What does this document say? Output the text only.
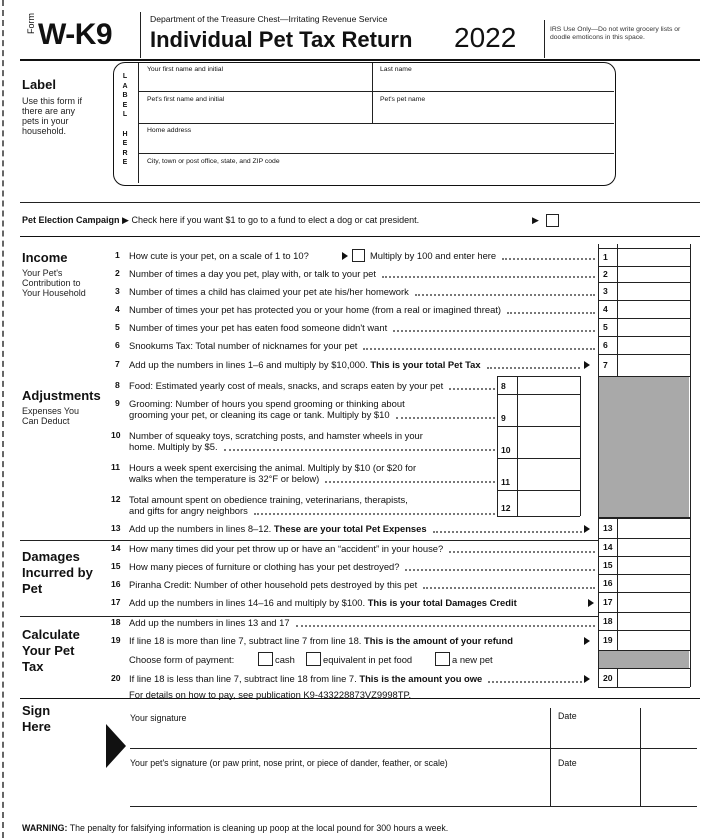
Form W-K9	Department of the Treasure Chest—Irritating Revenue Service
Individual Pet Tax Return 2022	IRS Use Only—Do not write grocery lists or doodle emoticons in this space.
Label
Use this form if there are any pets in your household.
L
A
B
E
L

H
E
R
E
Your first name and initial	Last name
Pet's first name and initial	Pet's pet name
Home address
City, town or post office, state, and ZIP code
Pet Election Campaign ▶ Check here if you want $1 to go to a fund to elect a dog or cat president.	▶
Income
Your Pet's Contribution to Your Household
Adjustments
Expenses You Can Deduct
Damages Incurred by Pet
Calculate Your Pet Tax
Sign Here
Your signature
Your pet's signature (or paw print, nose print, or piece of dander, feather, or scale)
Date
Date
WARNING: The penalty for falsifying information is cleaning up poop at the local pound for 300 hours a week.
1
2
3
4
5
6
7
13
14
15
16
17
18
19
20
8
9
10
11
12
1 How cute is your pet, on a scale of 1 to 10?	Multiply by 100 and enter here
2 Number of times a day you pet, play with, or talk to your pet
3 Number of times a child has claimed your pet ate his/her homework
4 Number of times your pet has protected you or your home (from a real or imagined threat)
5 Number of times your pet has eaten food someone didn't want
6 Snookums Tax: Total number of nicknames for your pet
7 Add up the numbers in lines 1–6 and multiply by $10,000. This is your total Pet Tax
8 Food: Estimated yearly cost of meals, snacks, and scraps eaten by your pet
9 Grooming: Number of hours you spend grooming or thinking about
grooming your pet, or cleaning its cage or tank. Multiply by $10
10 Number of squeaky toys, scratching posts, and hamster wheels in your
home. Multiply by $5.
11 Hours a week spent exercising the animal. Multiply by $10 (or $20 for
walks when the temperature is 32°F or below)
12 Total amount spent on obedience training, veterinarians, therapists,
and gifts for angry neighbors
13 Add up the numbers in lines 8–12. These are your total Pet Expenses
14 How many times did your pet throw up or have an “accident” in your house?
15 How many pieces of furniture or clothing has your pet destroyed?
16 Piranha Credit: Number of other household pets destroyed by this pet
17 Add up the numbers in lines 14–16 and multiply by $100. This is your total Damages Credit
18 Add up the numbers in lines 13 and 17
19 If line 18 is more than line 7, subtract line 7 from line 18. This is the amount of your refund
Choose form of payment:	cash	equivalent in pet food	a new pet
20 If line 18 is less than line 7, subtract line 18 from line 7. This is the amount you owe
For details on how to pay, see publication K9-433228873VZ9998TP.
